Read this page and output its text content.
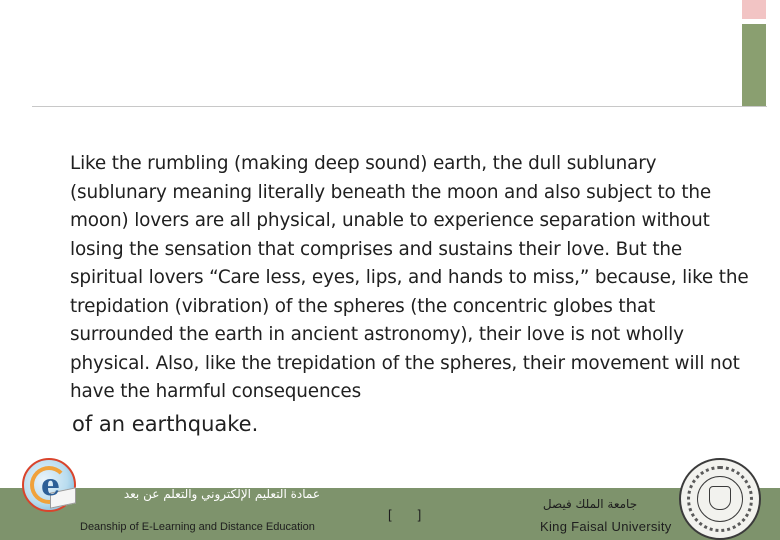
Like the rumbling (making deep sound) earth, the dull sublunary (sublunary meaning literally beneath the moon and also subject to the moon) lovers are all physical, unable to experience separation without losing the sensation that comprises and sustains their love. But the spiritual lovers “Care less, eyes, lips, and hands to miss,” because, like the trepidation (vibration) of the spheres (the concentric globes that surrounded the earth in ancient astronomy), their love is not wholly physical. Also, like the trepidation of the spheres, their movement will not have the harmful consequences

of an earthquake.

e	عمادة التعليم الإلكتروني والتعلم عن بعد
Deanship of E-Learning and Distance Education
[ ]
جامعة الملك فيصل
King Faisal University
